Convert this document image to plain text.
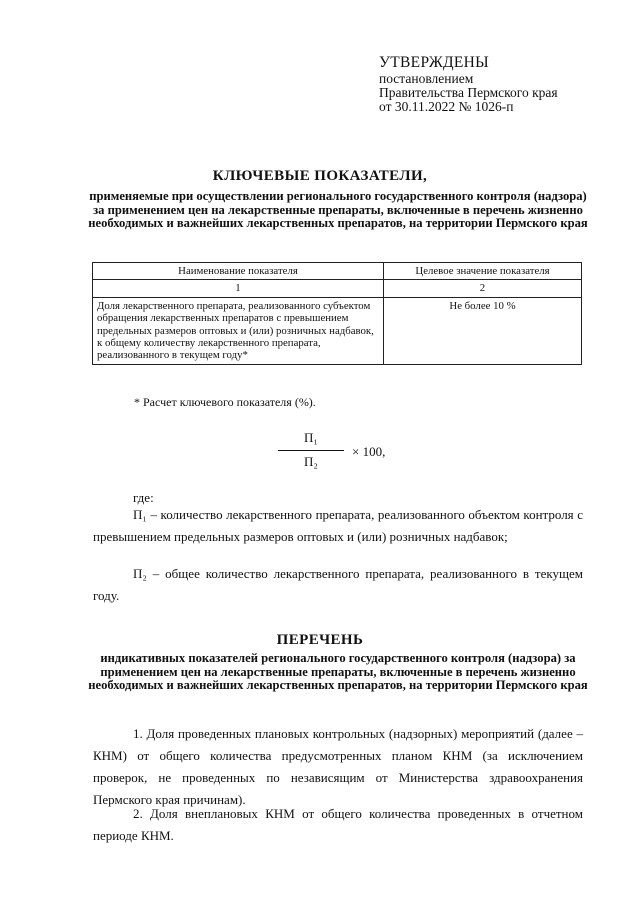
УТВЕРЖДЕНЫ
постановлением
Правительства Пермского края
от 30.11.2022 № 1026-п
КЛЮЧЕВЫЕ ПОКАЗАТЕЛИ,
применяемые при осуществлении регионального государственного контроля (надзора) за применением цен на лекарственные препараты, включенные в перечень жизненно необходимых и важнейших лекарственных препаратов, на территории Пермского края
Наименование показателя	Целевое значение показателя
1	2
Доля лекарственного препарата, реализованного субъектом обращения лекарственных препаратов с превышением предельных размеров оптовых и (или) розничных надбавок, к общему количеству лекарственного препарата, реализованного в текущем году*	Не более 10 %
* Расчет ключевого показателя (%).
П₁
П₂
× 100,
где:
П₁ – количество лекарственного препарата, реализованного объектом контроля с превышением предельных размеров оптовых и (или) розничных надбавок;
П₂ – общее количество лекарственного препарата, реализованного в текущем году.
ПЕРЕЧЕНЬ
индикативных показателей регионального государственного контроля (надзора) за применением цен на лекарственные препараты, включенные в перечень жизненно необходимых и важнейших лекарственных препаратов, на территории Пермского края
1. Доля проведенных плановых контрольных (надзорных) мероприятий (далее – КНМ) от общего количества предусмотренных планом КНМ (за исключением проверок, не проведенных по независящим от Министерства здравоохранения Пермского края причинам).
2. Доля внеплановых КНМ от общего количества проведенных в отчетном периоде КНМ.
